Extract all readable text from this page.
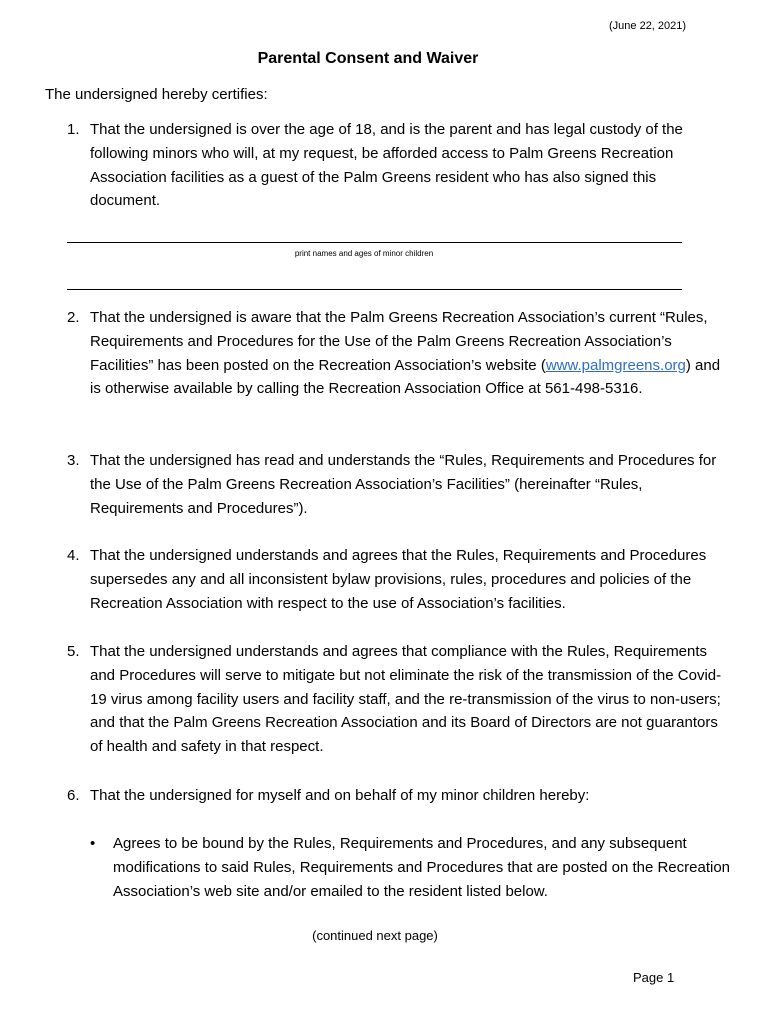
(June 22, 2021)
Parental Consent and Waiver
The undersigned hereby certifies:
1. That the undersigned is over the age of 18, and is the parent and has legal custody of the following minors who will, at my request, be afforded access to Palm Greens Recreation Association facilities as a guest of the Palm Greens resident who has also signed this document.
print names and ages of minor children
2. That the undersigned is aware that the Palm Greens Recreation Association’s current “Rules, Requirements and Procedures for the Use of the Palm Greens Recreation Association’s Facilities” has been posted on the Recreation Association’s website (www.palmgreens.org) and is otherwise available by calling the Recreation Association Office at 561-498-5316.
3. That the undersigned has read and understands the “Rules, Requirements and Procedures for the Use of the Palm Greens Recreation Association’s Facilities” (hereinafter “Rules, Requirements and Procedures”).
4. That the undersigned understands and agrees that the Rules, Requirements and Procedures supersedes any and all inconsistent bylaw provisions, rules, procedures and policies of the Recreation Association with respect to the use of Association’s facilities.
5. That the undersigned understands and agrees that compliance with the Rules, Requirements and Procedures will serve to mitigate but not eliminate the risk of the transmission of the Covid-19 virus among facility users and facility staff, and the re-transmission of the virus to non-users; and that the Palm Greens Recreation Association and its Board of Directors are not guarantors of health and safety in that respect.
6. That the undersigned for myself and on behalf of my minor children hereby:
• Agrees to be bound by the Rules, Requirements and Procedures, and any subsequent modifications to said Rules, Requirements and Procedures that are posted on the Recreation Association’s web site and/or emailed to the resident listed below.
(continued next page)
Page 1
